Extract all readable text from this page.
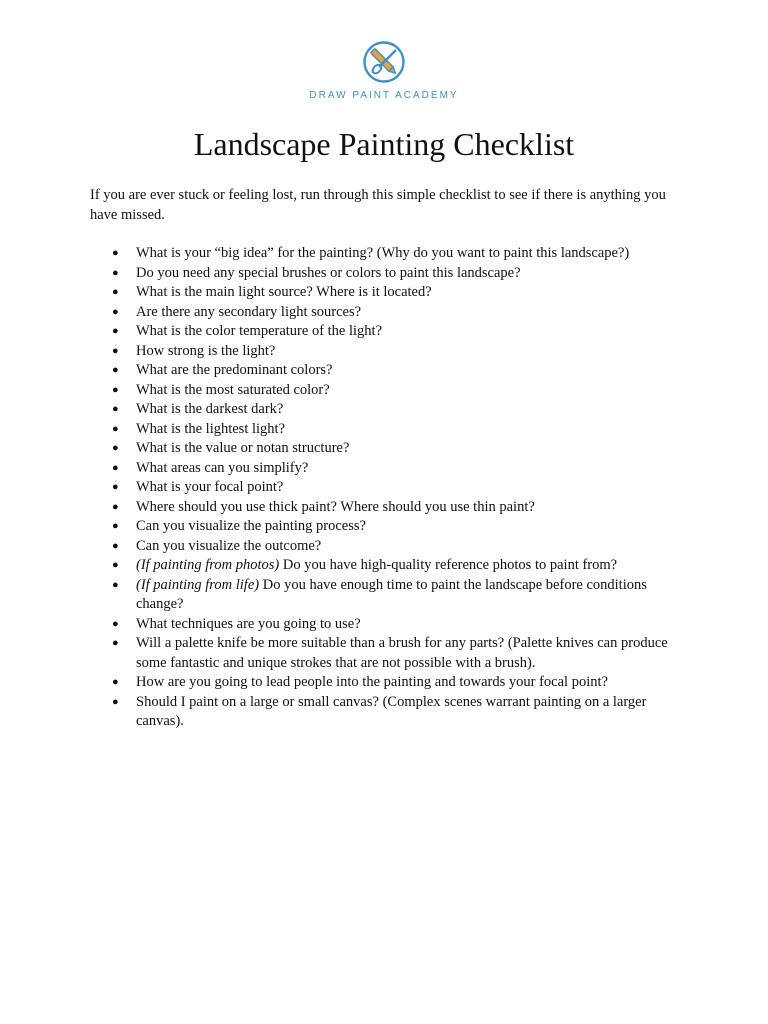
DRAW PAINT ACADEMY
Landscape Painting Checklist

If you are ever stuck or feeling lost, run through this simple checklist to see if there is anything you have missed.

● What is your “big idea” for the painting? (Why do you want to paint this landscape?)
● Do you need any special brushes or colors to paint this landscape?
● What is the main light source? Where is it located?
● Are there any secondary light sources?
● What is the color temperature of the light?
● How strong is the light?
● What are the predominant colors?
● What is the most saturated color?
● What is the darkest dark?
● What is the lightest light?
● What is the value or notan structure?
● What areas can you simplify?
● What is your focal point?
● Where should you use thick paint? Where should you use thin paint?
● Can you visualize the painting process?
● Can you visualize the outcome?
● (If painting from photos) Do you have high-quality reference photos to paint from?
● (If painting from life) Do you have enough time to paint the landscape before conditions change?
● What techniques are you going to use?
● Will a palette knife be more suitable than a brush for any parts? (Palette knives can produce some fantastic and unique strokes that are not possible with a brush).
● How are you going to lead people into the painting and towards your focal point?
● Should I paint on a large or small canvas? (Complex scenes warrant painting on a larger canvas).
